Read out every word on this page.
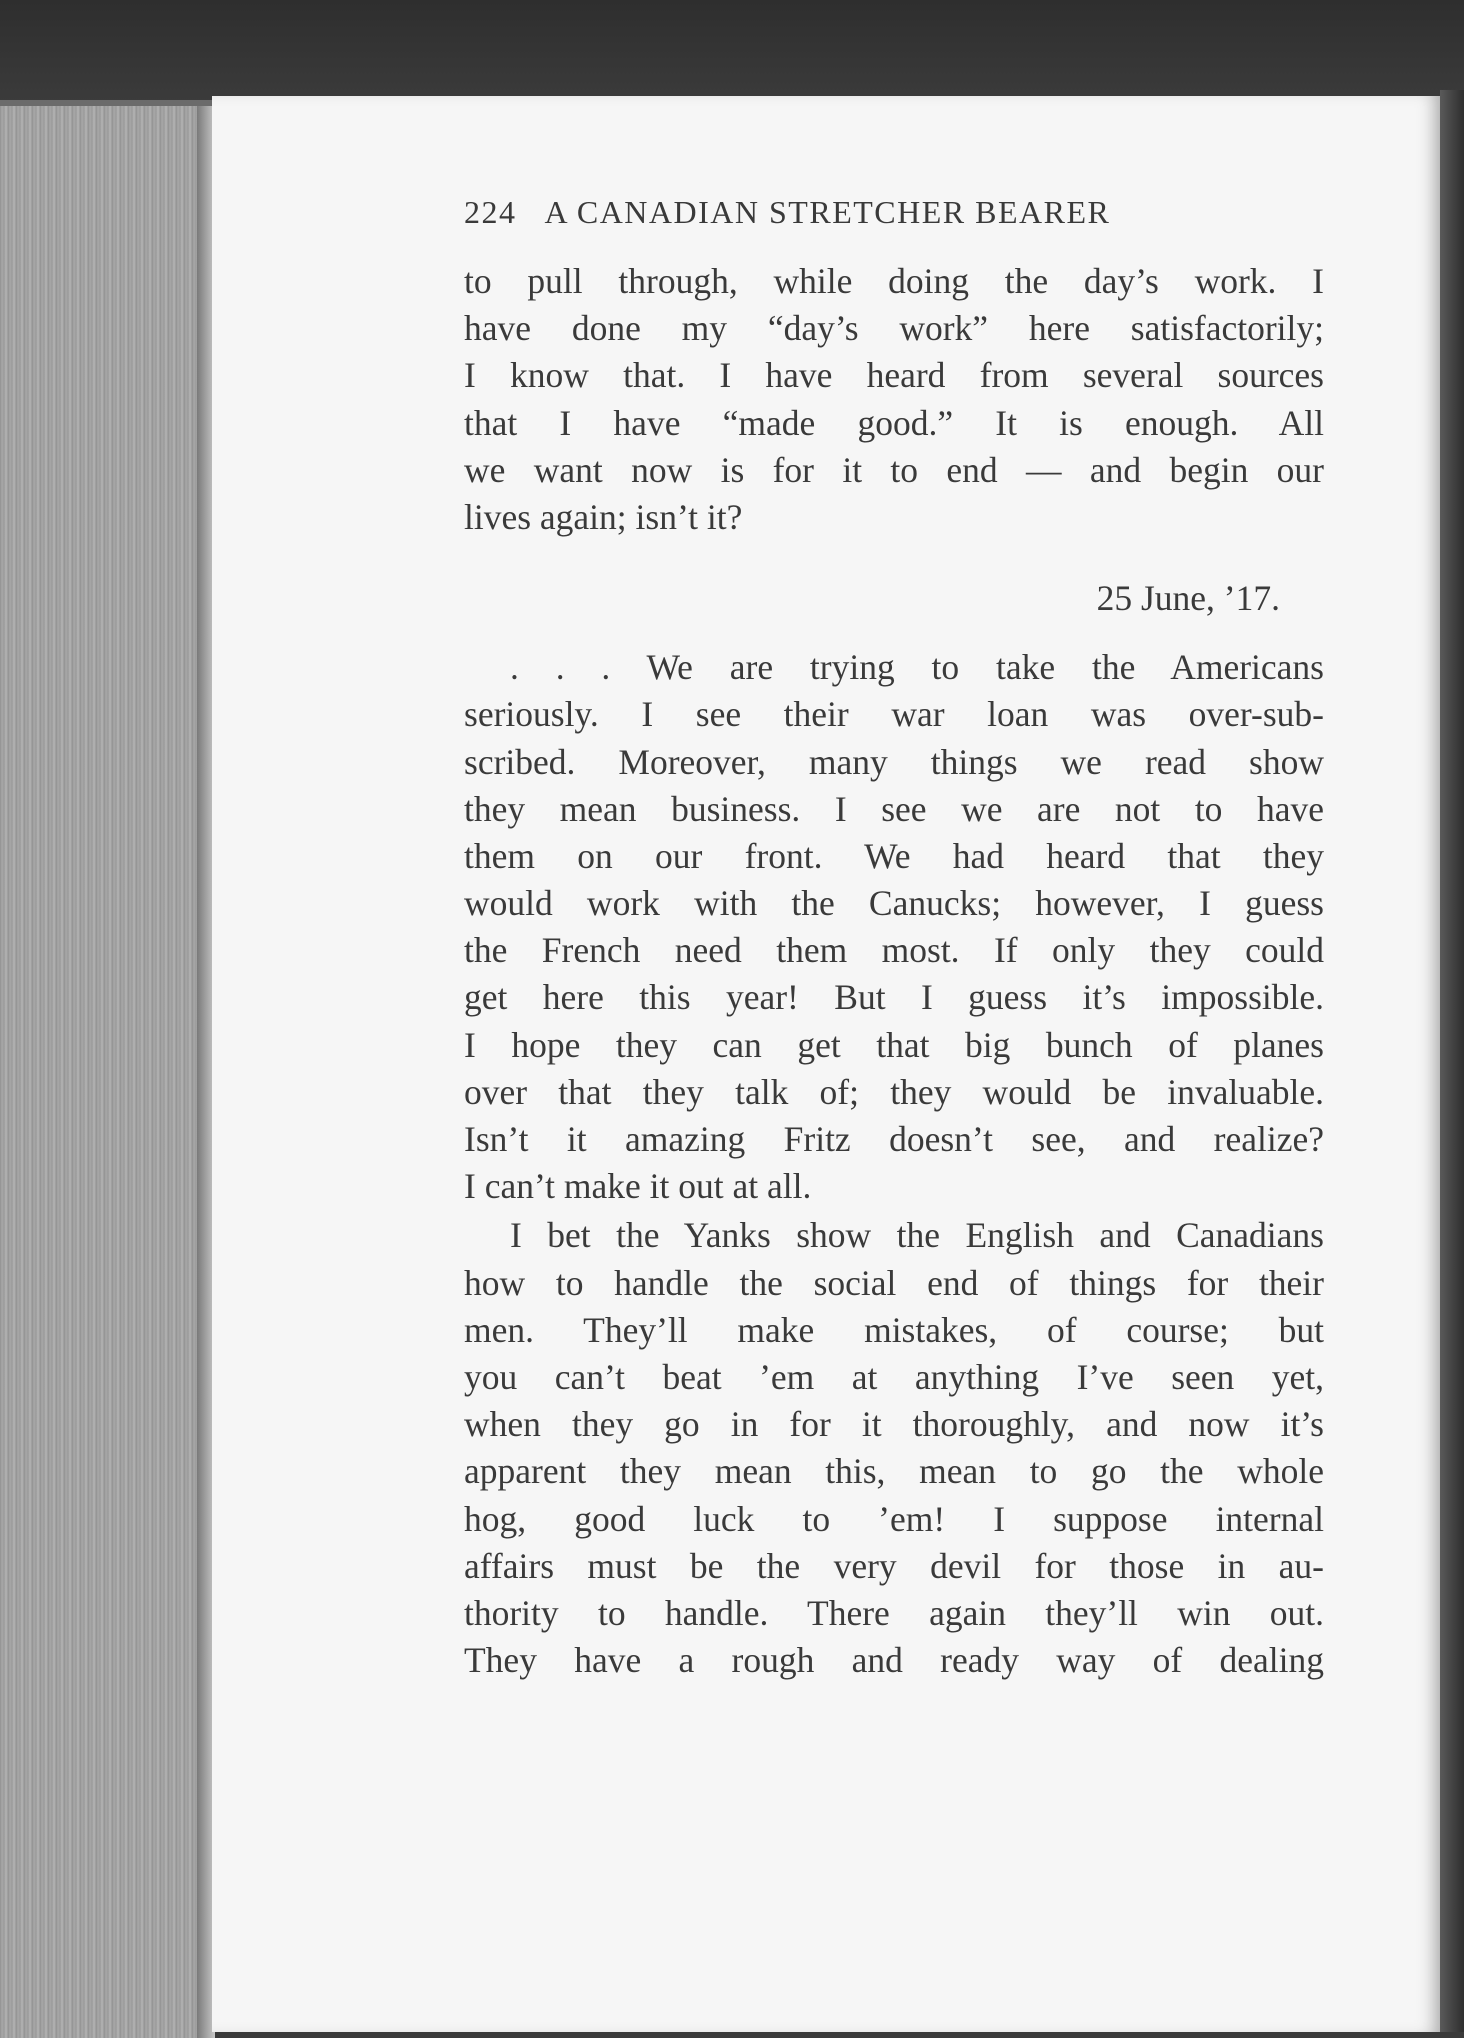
224 A CANADIAN STRETCHER BEARER
to pull through, while doing the day’s work. I
have done my “day’s work” here satisfactorily;
I know that. I have heard from several sources
that I have “made good.” It is enough. All
we want now is for it to end — and begin our
lives again; isn’t it?
25 June, ’17.
. . . We are trying to take the Americans
seriously. I see their war loan was over-sub-
scribed. Moreover, many things we read show
they mean business. I see we are not to have
them on our front. We had heard that they
would work with the Canucks; however, I guess
the French need them most. If only they could
get here this year! But I guess it’s impossible.
I hope they can get that big bunch of planes
over that they talk of; they would be invaluable.
Isn’t it amazing Fritz doesn’t see, and realize?
I can’t make it out at all.
I bet the Yanks show the English and Canadians
how to handle the social end of things for their
men. They’ll make mistakes, of course; but
you can’t beat ’em at anything I’ve seen yet,
when they go in for it thoroughly, and now it’s
apparent they mean this, mean to go the whole
hog, good luck to ’em! I suppose internal
affairs must be the very devil for those in au-
thority to handle. There again they’ll win out.
They have a rough and ready way of dealing
